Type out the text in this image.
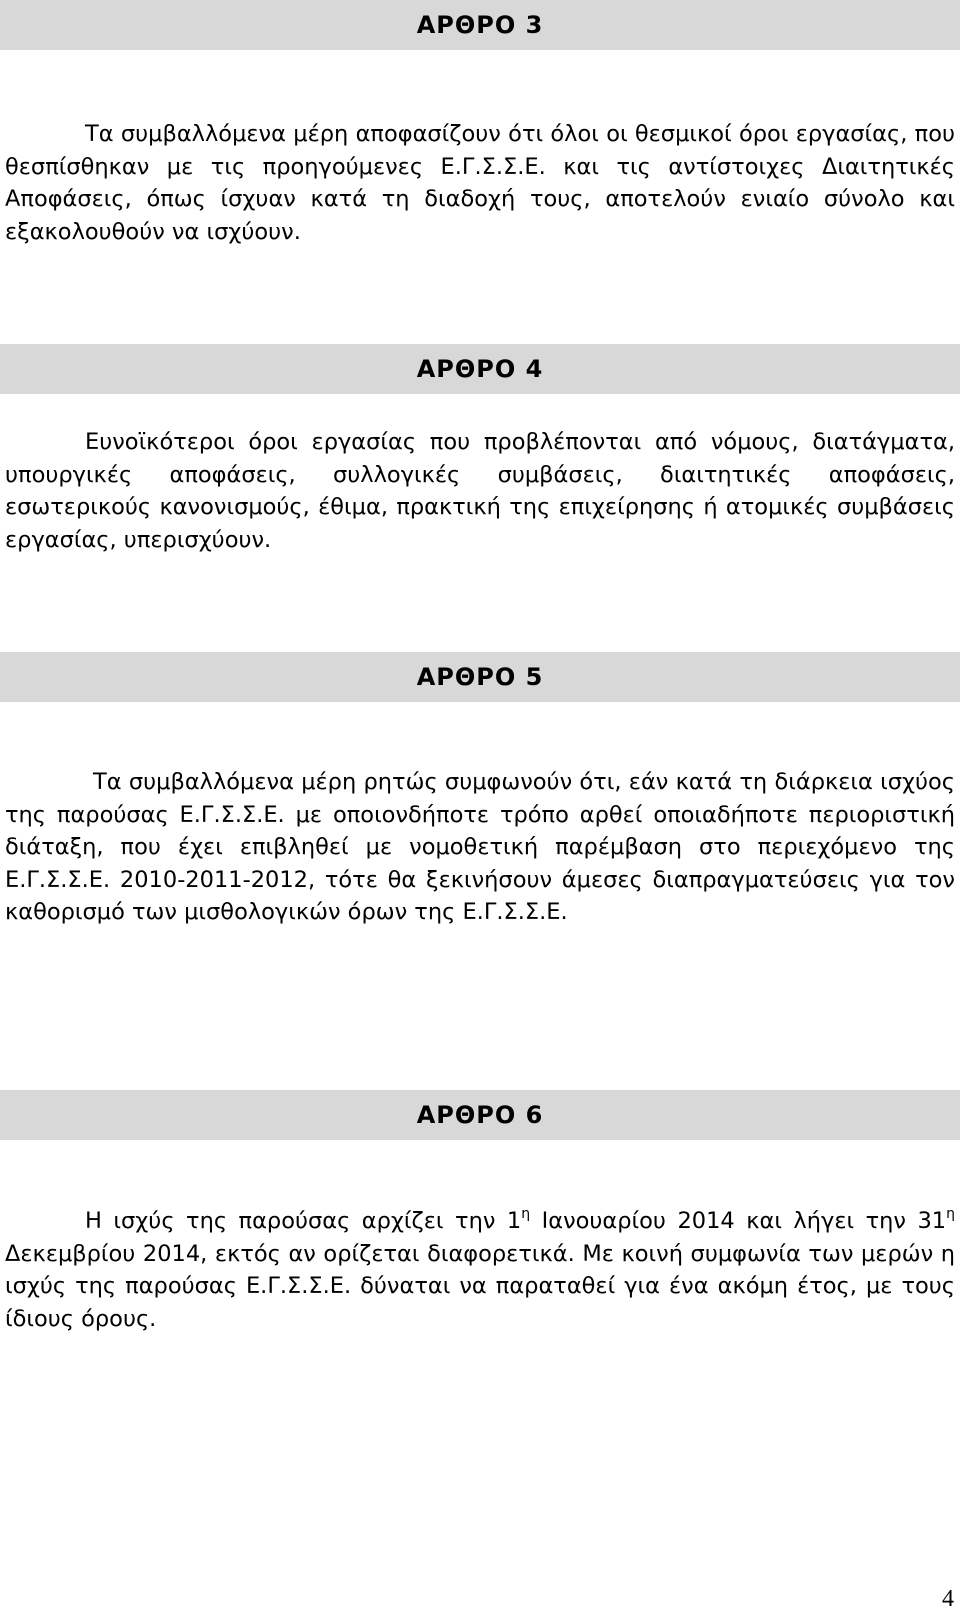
ΑΡΘΡΟ 3
Τα συμβαλλόμενα μέρη αποφασίζουν ότι όλοι οι θεσμικοί όροι εργασίας, που θεσπίσθηκαν με τις προηγούμενες Ε.Γ.Σ.Σ.Ε. και τις αντίστοιχες Διαιτητικές Αποφάσεις, όπως ίσχυαν κατά τη διαδοχή τους, αποτελούν ενιαίο σύνολο και εξακολουθούν να ισχύουν.
ΑΡΘΡΟ 4
Ευνοϊκότεροι όροι εργασίας που προβλέπονται από νόμους, διατάγματα, υπουργικές αποφάσεις, συλλογικές συμβάσεις, διαιτητικές αποφάσεις, εσωτερικούς κανονισμούς, έθιμα, πρακτική της επιχείρησης ή ατομικές συμβάσεις εργασίας, υπερισχύουν.
ΑΡΘΡΟ 5
Τα συμβαλλόμενα μέρη ρητώς συμφωνούν ότι, εάν κατά τη διάρκεια ισχύος της παρούσας Ε.Γ.Σ.Σ.Ε. με οποιονδήποτε τρόπο αρθεί οποιαδήποτε περιοριστική διάταξη, που έχει επιβληθεί με νομοθετική παρέμβαση στο περιεχόμενο της Ε.Γ.Σ.Σ.Ε. 2010-2011-2012, τότε θα ξεκινήσουν άμεσες διαπραγματεύσεις για τον καθορισμό των μισθολογικών όρων της Ε.Γ.Σ.Σ.Ε.
ΑΡΘΡΟ 6
Η ισχύς της παρούσας αρχίζει την $1^\eta$ Ιανουαρίου 2014 και λήγει την $31^\eta$ Δεκεμβρίου 2014, εκτός αν ορίζεται διαφορετικά. Με κοινή συμφωνία των μερών η ισχύς της παρούσας Ε.Γ.Σ.Σ.Ε. δύναται να παραταθεί για ένα ακόμη έτος, με τους ίδιους όρους.
4
